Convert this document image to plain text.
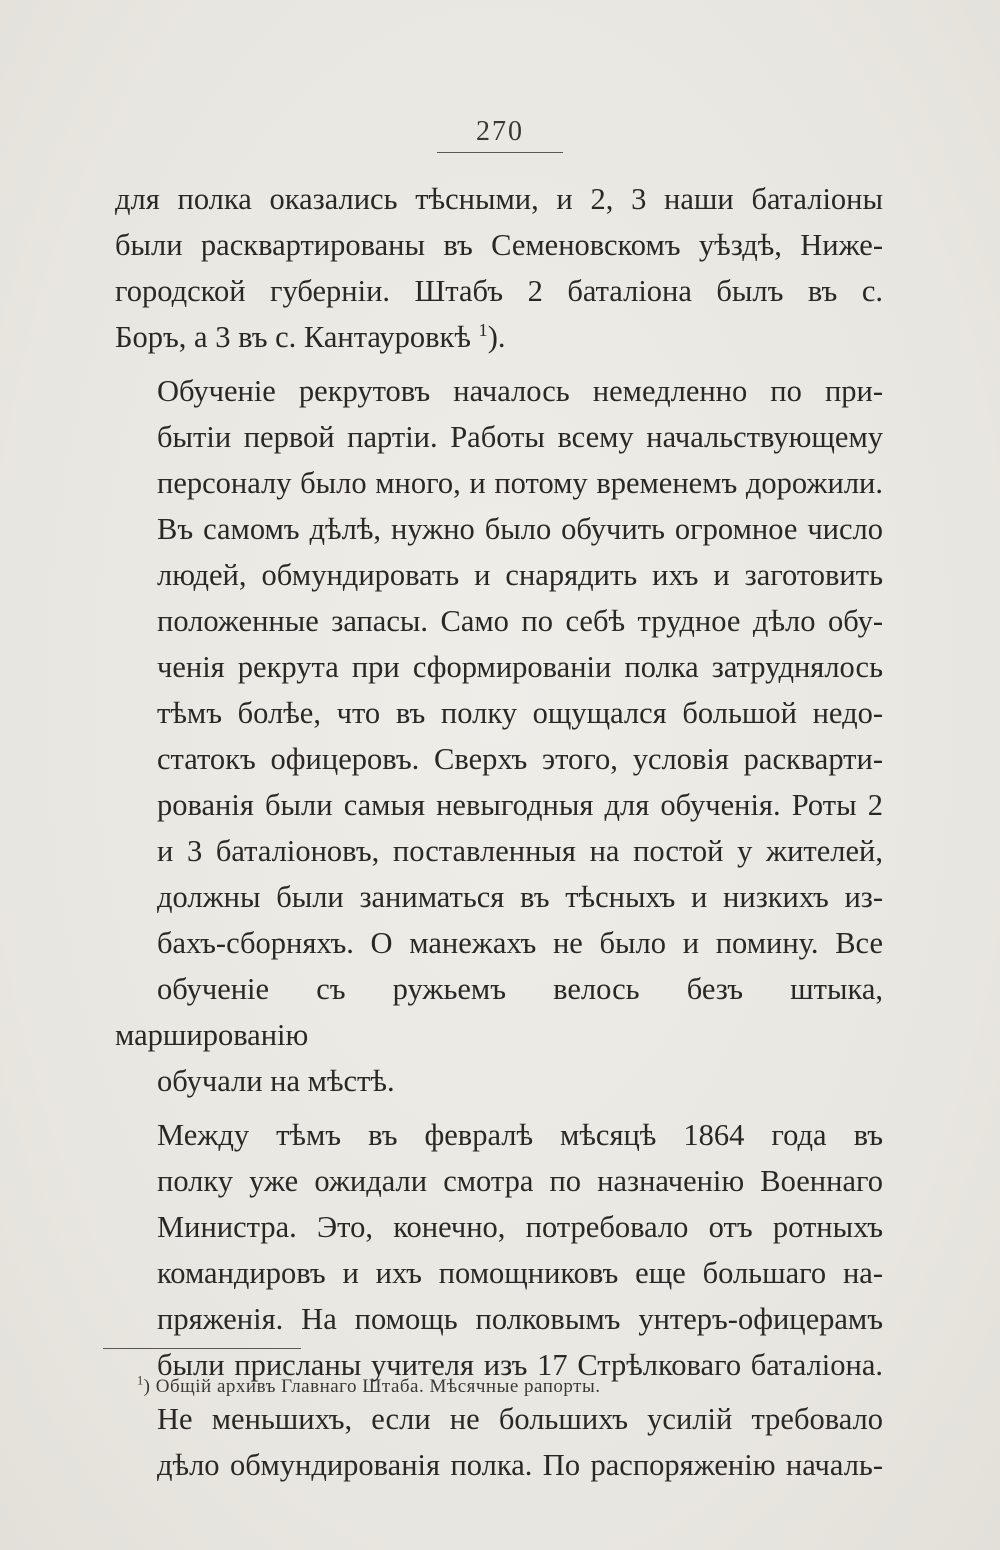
270
для полка оказались тѣсными, и 2, 3 наши баталіоны
были расквартированы въ Семеновскомъ уѣздѣ, Ниже-
городской губерніи. Штабъ 2 баталіона былъ въ с.
Боръ, а 3 въ с. Кантауровкѣ $^1$).
Обученіе рекрутовъ началось немедленно по при-
бытіи первой партіи. Работы всему начальствующему
персоналу было много, и потому временемъ дорожили.
Въ самомъ дѣлѣ, нужно было обучить огромное число
людей, обмундировать и снарядить ихъ и заготовить
положенные запасы. Само по себѣ трудное дѣло обу-
ченія рекрута при сформированіи полка затруднялось
тѣмъ болѣе, что въ полку ощущался большой недо-
статокъ офицеровъ. Сверхъ этого, условія раскварти-
рованія были самыя невыгодныя для обученія. Роты 2
и 3 баталіоновъ, поставленныя на постой у жителей,
должны были заниматься въ тѣсныхъ и низкихъ из-
бахъ-сборняхъ. О манежахъ не было и помину. Все
обученіе съ ружьемъ велось безъ штыка, маршированію
обучали на мѣстѣ.
Между тѣмъ въ февралѣ мѣсяцѣ 1864 года въ
полку уже ожидали смотра по назначенію Военнаго
Министра. Это, конечно, потребовало отъ ротныхъ
командировъ и ихъ помощниковъ еще большаго на-
пряженія. На помощь полковымъ унтеръ-офицерамъ
были присланы учителя изъ 17 Стрѣлковаго баталіона.
Не меньшихъ, если не большихъ усилій требовало
дѣло обмундированія полка. По распоряженію началь-
$^1$) Общій архивъ Главнаго Штаба. Мѣсячные рапорты.
